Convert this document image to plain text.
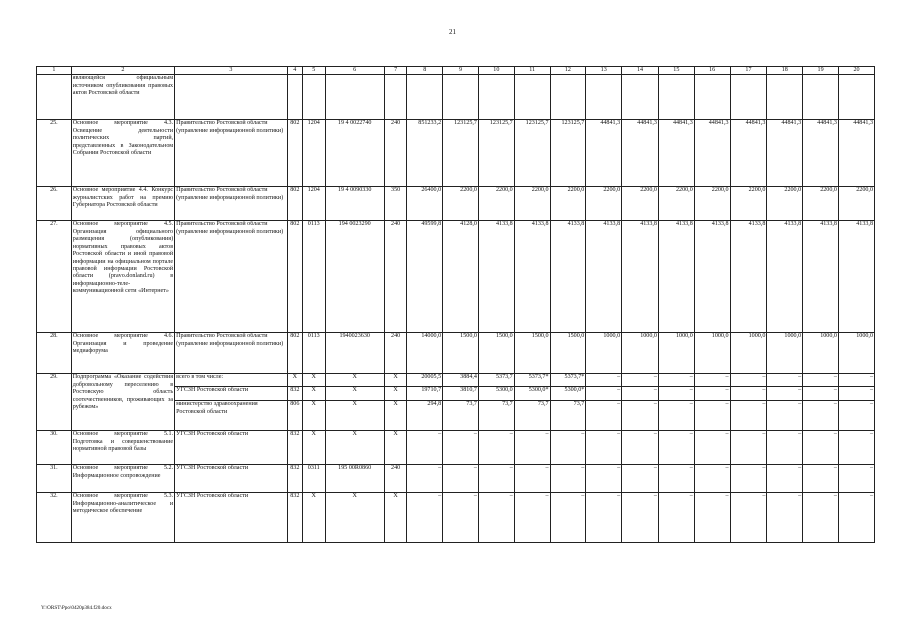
21
1	2	3	4	5	6	7	8	9	10	11	12	13	14	15	16	17	18	19	20
	являющейся официальным источником опубликования правовых актов Ростовской области																		
25.	Основное мероприятие 4.3. Освещение деятельности политических партий, представленных в Законодательном Собрании Ростовской области	Правительство Ростовской области (управление информационной политики)	802	1204	19 4 0022740	240	851233,2	123125,7	123125,7	123125,7	123125,7	44841,3	44841,3	44841,3	44841,3	44841,3	44841,3	44841,3	44841,3
26.	Основное мероприятие 4.4. Конкурс журналистских работ на премию Губернатора Ростовской области	Правительство Ростовской области (управление информационной политики)	802	1204	19 4 0090330	350	26400,0	2200,0	2200,0	2200,0	2200,0	2200,0	2200,0	2200,0	2200,0	2200,0	2200,0	2200,0	2200,0
27.	Основное мероприятие 4.5. Организация официального размещения (опубликования) нормативных правовых актов Ростовской области и иной правовой информации на официальном портале правовой информации Ростовской области (pravo.donland.ru) в информационно-телекоммуникационной сети «Интернет»	Правительство Ростовской области (управление информационной политики)	802	0113	194 0023290	240	49599,8	4128,0	4133,8	4133,8	4133,8	4133,8	4133,8	4133,8	4133,8	4133,8	4133,8	4133,8	4133,8
28.	Основное мероприятие 4.6. Организация и проведение медиафорума	Правительство Ростовской области (управление информационной политики)	802	0113	1940023630	240	14000,0	1500,0	1500,0	1500,0	1500,0	1000,0	1000,0	1000,0	1000,0	1000,0	1000,0	1000,0	1000,0
29.	Подпрограмма «Оказание содействия добровольному переселению в Ростовскую область соотечественников, проживающих за рубежом»	всего в том числе:	X	X	X	X	20005,5	3884,4	5373,7	5373,7*	5373,7*	–	–	–	–	–	–	–	–
		УГСЗН Ростовской области	832	X	X	X	19710,7	3810,7	5300,0	5300,0*	5300,0*	–	–	–	–	–	–	–	–
		министерство здравоохранения Ростовской области	806	X	X	X	294,8	73,7	73,7	73,7	73,7	–	–	–	–	–	–	–	–
30.	Основное мероприятие 5.1. Подготовка и совершенствование нормативной правовой базы	УГСЗН Ростовской области	832	X	X	X	–	–	–	–	–	–	–	–	–	–	–	–	–
31.	Основное мероприятие 5.2. Информационное сопровождение	УГСЗН Ростовской области	832	0311	195 00R0860	240	–	–	–	–	–	–	–	–	–	–	–	–	–
32.	Основное мероприятие 5.3. Информационно-аналитическое и методическое обеспечение	УГСЗН Ростовской области	832	X	X	X	–	–	–	–	–	–	–	–	–	–	–	–	–
Y:\ORST\Ppo\0420p384.f20.docx
